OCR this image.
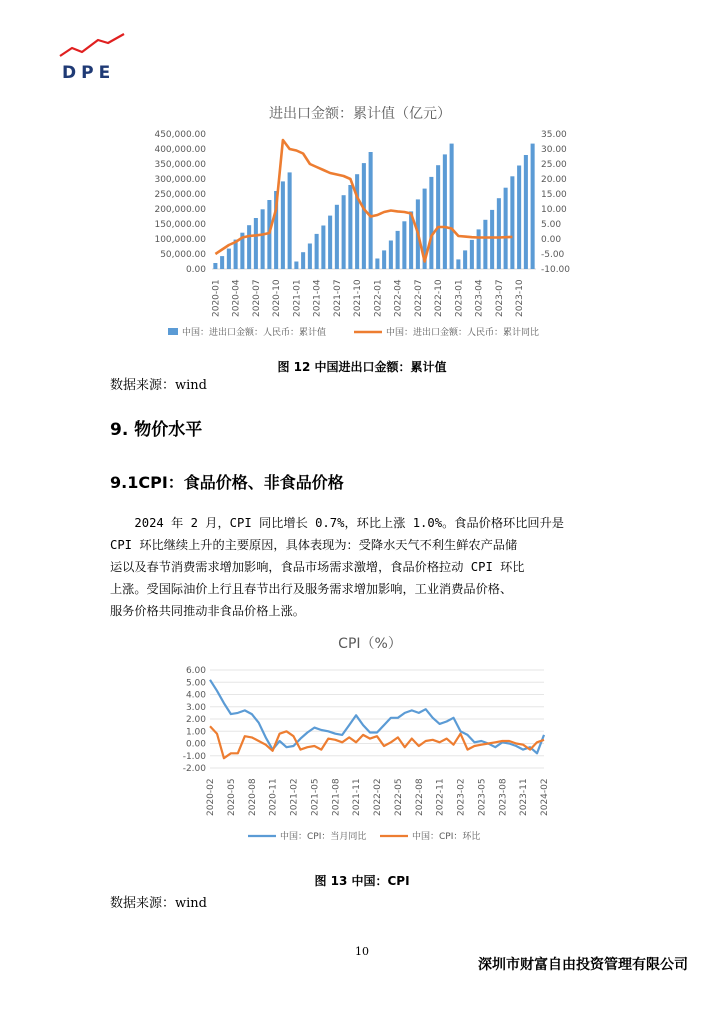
DPE
进出口金额：累计值（亿元）
0.00
50,000.00
100,000.00
150,000.00
200,000.00
250,000.00
300,000.00
350,000.00
400,000.00
450,000.00
-10.00
-5.00
0.00
5.00
10.00
15.00
20.00
25.00
30.00
35.00
2020-01 2020-04 2020-07 2020-10 2021-01 2021-04 2021-07 2021-10 2022-01 2022-04 2022-07 2022-10 2023-01 2023-04 2023-07 2023-10
中国：进出口金额：人民币：累计值	中国：进出口金额：人民币：累计同比
图 12 中国进出口金额：累计值
数据来源：wind
9. 物价水平
9.1CPI：食品价格、非食品价格

2024 年 2 月，CPI 同比增长 0.7%，环比上涨 1.0%。食品价格环比回升是

CPI 环比继续上升的主要原因，具体表现为：受降水天气不利生鲜农产品储

运以及春节消费需求增加影响，食品市场需求激增，食品价格拉动 CPI 环比

上涨。受国际油价上行且春节出行及服务需求增加影响，工业消费品价格、

服务价格共同推动非食品价格上涨。

CPI（%）
-2.00
-1.00
0.00
1.00
2.00
3.00
4.00
5.00
6.00
2020-02 2020-05 2020-08 2020-11 2021-02 2021-05 2021-08 2021-11 2022-02 2022-05 2022-08 2022-11 2023-02 2023-05 2023-08 2023-11 2024-02
中国：CPI：当月同比	中国：CPI：环比
图 13 中国：CPI
数据来源：wind
10
深圳市财富自由投资管理有限公司
